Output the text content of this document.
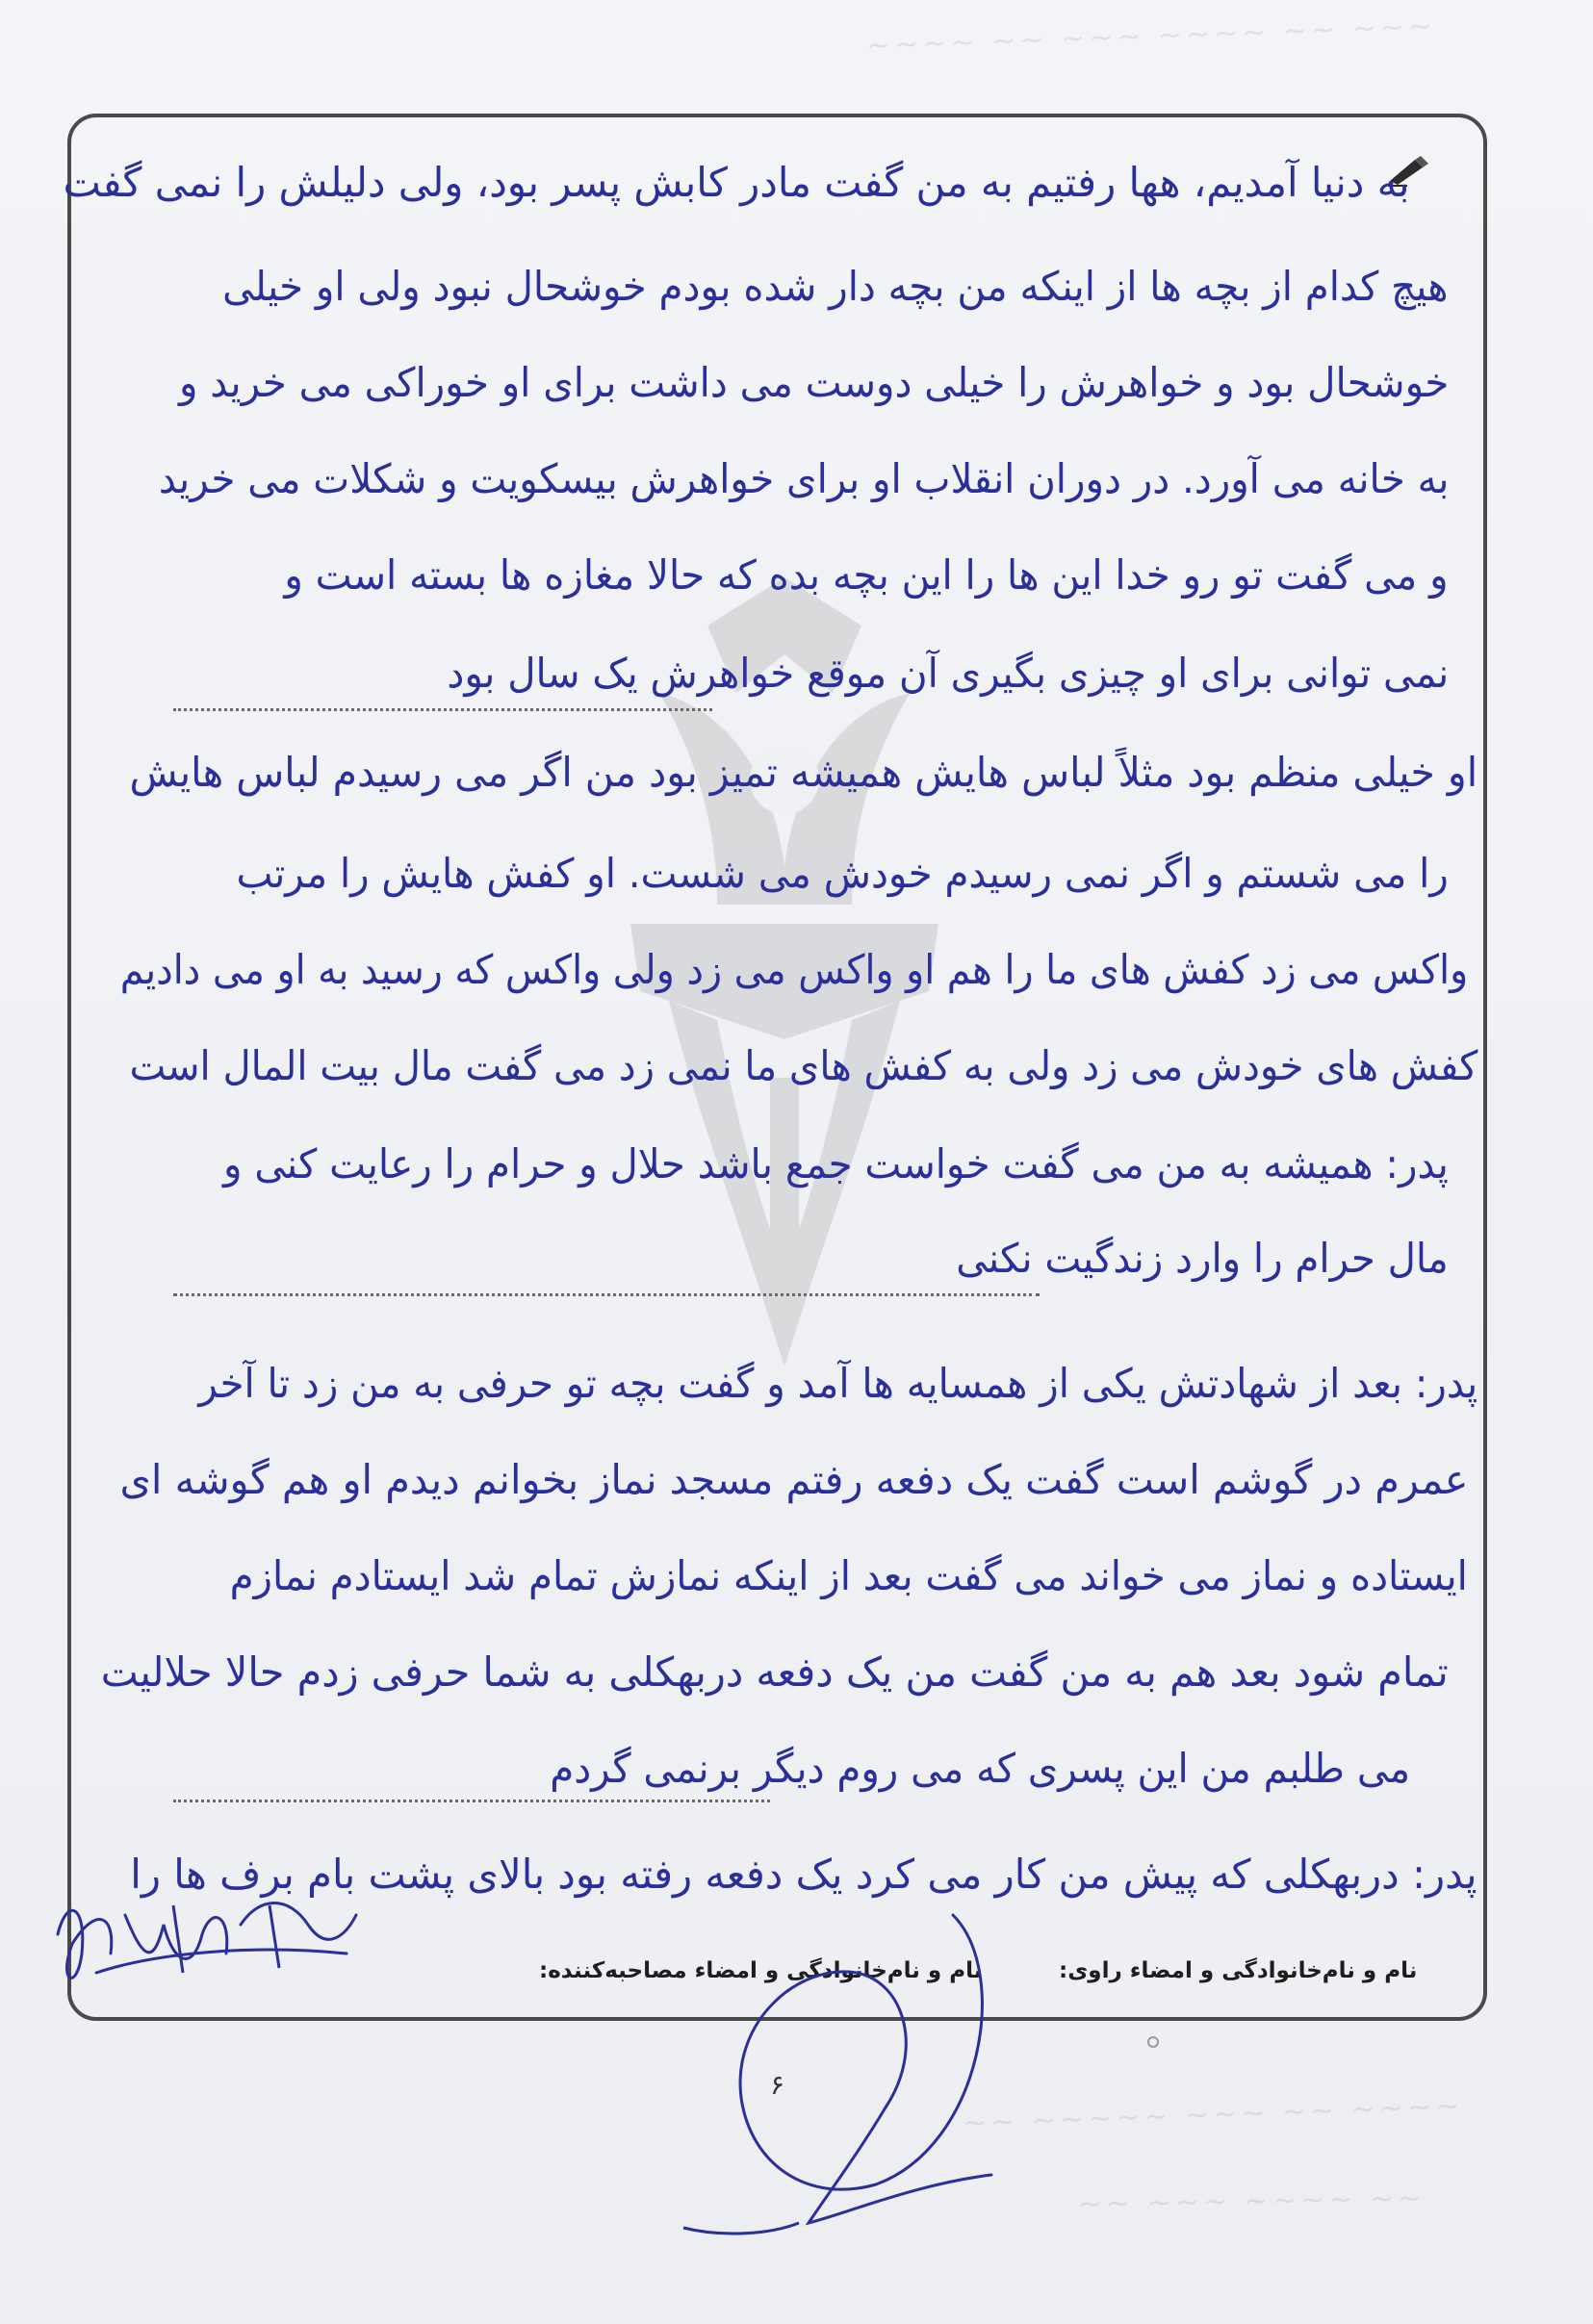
~~~ ~~ ~~~~ ~~~ ~~ ~~~~
~~~~ ~~ ~~~ ~~~~~ ~~
~~ ~~~~ ~~~ ~~
به دنیا آمدیم، هها رفتیم به من گفت مادر کابش پسر بود، ولی دلیلش را نمی گفت
هیچ کدام از بچه ها از اینکه من بچه دار شده بودم خوشحال نبود ولی او خیلی
خوشحال بود و خواهرش را خیلی دوست می داشت برای او خوراکی می خرید و
به خانه می آورد. در دوران انقلاب او برای خواهرش بیسکویت و شکلات می خرید
و می گفت تو رو خدا این ها را این بچه بده که حالا مغازه ها بسته است و
نمی توانی برای او چیزی بگیری آن موقع خواهرش یک سال بود
او خیلی منظم بود مثلاً لباس هایش همیشه تمیز بود من اگر می رسیدم لباس هایش
را می شستم و اگر نمی رسیدم خودش می شست. او کفش هایش را مرتب
واکس می زد کفش های ما را هم او واکس می زد ولی واکس که رسید به او می دادیم
کفش های خودش می زد ولی به کفش های ما نمی زد می گفت مال بیت المال است
پدر: همیشه به من می گفت خواست جمع باشد حلال و حرام را رعایت کنی و
مال حرام را وارد زندگیت نکنی
پدر: بعد از شهادتش یکی از همسایه ها آمد و گفت بچه تو حرفی به من زد تا آخر
عمرم در گوشم است گفت یک دفعه رفتم مسجد نماز بخوانم دیدم او هم گوشه ای
ایستاده و نماز می خواند می گفت بعد از اینکه نمازش تمام شد ایستادم نمازم
تمام شود بعد هم به من گفت من یک دفعه دربهکلی به شما حرفی زدم حالا حلالیت
می طلبم من این پسری که می روم دیگر برنمی گردم
پدر: دربهکلی که پیش من کار می کرد یک دفعه رفته بود بالای پشت بام برف ها را
نام و نام‌خانوادگی و امضاء راوی:
نام و نام‌خانوادگی و امضاء مصاحبه‌کننده:
۶
